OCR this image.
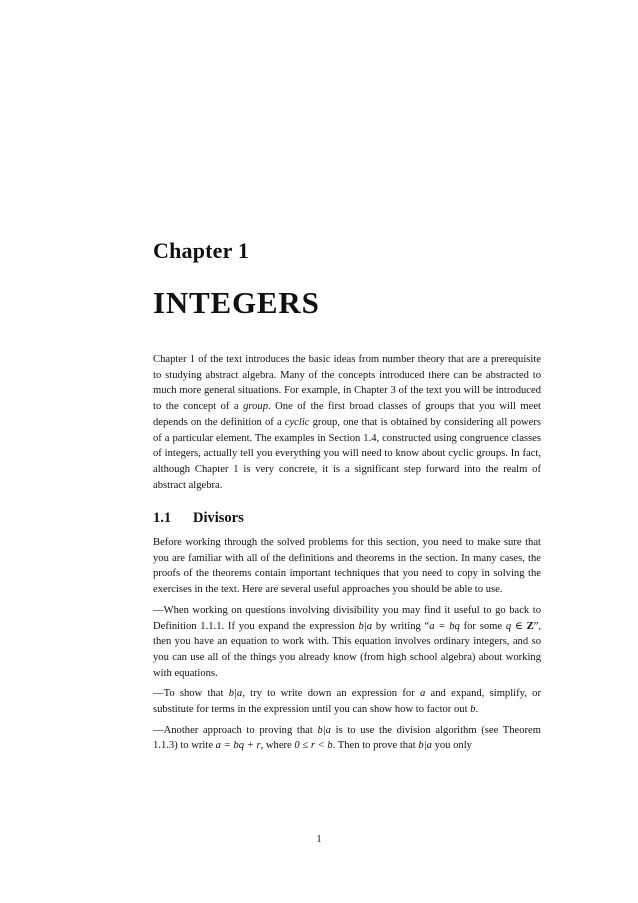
Chapter 1
INTEGERS

Chapter 1 of the text introduces the basic ideas from number theory that are a prerequisite to studying abstract algebra. Many of the concepts introduced there can be abstracted to much more general situations. For example, in Chapter 3 of the text you will be introduced to the concept of a group. One of the first broad classes of groups that you will meet depends on the definition of a cyclic group, one that is obtained by considering all powers of a particular element. The examples in Section 1.4, constructed using congruence classes of integers, actually tell you everything you will need to know about cyclic groups. In fact, although Chapter 1 is very concrete, it is a significant step forward into the realm of abstract algebra.

1.1 Divisors

Before working through the solved problems for this section, you need to make sure that you are familiar with all of the definitions and theorems in the section. In many cases, the proofs of the theorems contain important techniques that you need to copy in solving the exercises in the text. Here are several useful approaches you should be able to use.

—When working on questions involving divisibility you may find it useful to go back to Definition 1.1.1. If you expand the expression b|a by writing “a = bq for some q ∈ Z”, then you have an equation to work with. This equation involves ordinary integers, and so you can use all of the things you already know (from high school algebra) about working with equations.

—To show that b|a, try to write down an expression for a and expand, simplify, or substitute for terms in the expression until you can show how to factor out b.

—Another approach to proving that b|a is to use the division algorithm (see Theorem 1.1.3) to write a = bq + r, where 0 ≤ r < b. Then to prove that b|a you only

1
